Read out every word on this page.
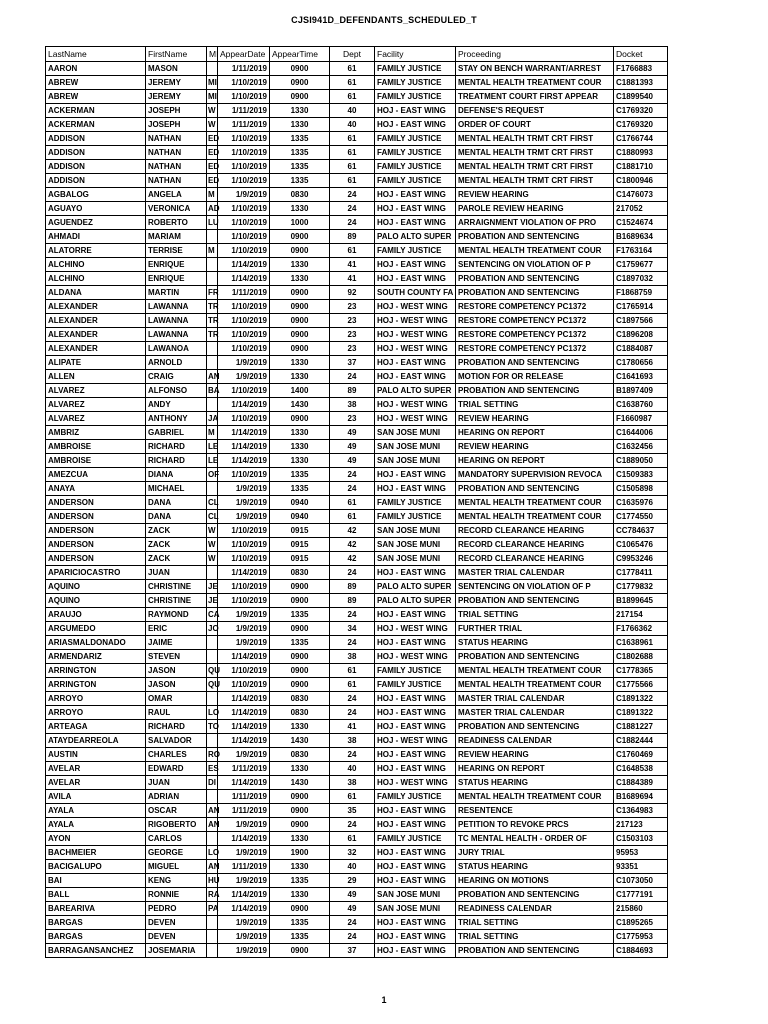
CJSI941D_DEFENDANTS_SCHEDULED_T
LastName	FirstName	MI	AppearDate	AppearTime	Dept	Facility	Proceeding	Docket
AARON	MASON		1/11/2019	0900	61	FAMILY JUSTICE	STAY ON BENCH WARRANT/ARREST	F1766883
ABREW	JEREMY	MI	1/10/2019	0900	61	FAMILY JUSTICE	MENTAL HEALTH TREATMENT COUR	C1881393
ABREW	JEREMY	MI	1/10/2019	0900	61	FAMILY JUSTICE	TREATMENT COURT FIRST APPEAR	C1899540
ACKERMAN	JOSEPH	W	1/11/2019	1330	40	HOJ - EAST WING	DEFENSE'S REQUEST	C1769320
ACKERMAN	JOSEPH	W	1/11/2019	1330	40	HOJ - EAST WING	ORDER OF COURT	C1769320
ADDISON	NATHAN	ED	1/10/2019	1335	61	FAMILY JUSTICE	MENTAL HEALTH TRMT CRT FIRST	C1766744
ADDISON	NATHAN	ED	1/10/2019	1335	61	FAMILY JUSTICE	MENTAL HEALTH TRMT CRT FIRST	C1880993
ADDISON	NATHAN	ED	1/10/2019	1335	61	FAMILY JUSTICE	MENTAL HEALTH TRMT CRT FIRST	C1881710
ADDISON	NATHAN	ED	1/10/2019	1335	61	FAMILY JUSTICE	MENTAL HEALTH TRMT CRT FIRST	C1800946
AGBALOG	ANGELA	M	1/9/2019	0830	24	HOJ - EAST WING	REVIEW HEARING	C1476073
AGUAYO	VERONICA	AD	1/10/2019	1330	24	HOJ - EAST WING	PAROLE REVIEW HEARING	217052
AGUENDEZ	ROBERTO	LU	1/10/2019	1000	24	HOJ - EAST WING	ARRAIGNMENT VIOLATION OF PRO	C1524674
AHMADI	MARIAM		1/10/2019	0900	89	PALO ALTO SUPER	PROBATION AND SENTENCING	B1689634
ALATORRE	TERRISE	M	1/10/2019	0900	61	FAMILY JUSTICE	MENTAL HEALTH TREATMENT COUR	F1763164
ALCHINO	ENRIQUE		1/14/2019	1330	41	HOJ - EAST WING	SENTENCING ON VIOLATION OF P	C1759677
ALCHINO	ENRIQUE		1/14/2019	1330	41	HOJ - EAST WING	PROBATION AND SENTENCING	C1897032
ALDANA	MARTIN	FR	1/11/2019	0900	92	SOUTH COUNTY FA	PROBATION AND SENTENCING	F1868759
ALEXANDER	LAWANNA	TR	1/10/2019	0900	23	HOJ - WEST WING	RESTORE COMPETENCY PC1372	C1765914
ALEXANDER	LAWANNA	TR	1/10/2019	0900	23	HOJ - WEST WING	RESTORE COMPETENCY PC1372	C1897566
ALEXANDER	LAWANNA	TR	1/10/2019	0900	23	HOJ - WEST WING	RESTORE COMPETENCY PC1372	C1896208
ALEXANDER	LAWANOA		1/10/2019	0900	23	HOJ - WEST WING	RESTORE COMPETENCY PC1372	C1884087
ALIPATE	ARNOLD		1/9/2019	1330	37	HOJ - EAST WING	PROBATION AND SENTENCING	C1780656
ALLEN	CRAIG	AN	1/9/2019	1330	24	HOJ - EAST WING	MOTION FOR OR RELEASE	C1641693
ALVAREZ	ALFONSO	BA	1/10/2019	1400	89	PALO ALTO SUPER	PROBATION AND SENTENCING	B1897409
ALVAREZ	ANDY		1/14/2019	1430	38	HOJ - WEST WING	TRIAL SETTING	C1638760
ALVAREZ	ANTHONY	JA	1/10/2019	0900	23	HOJ - WEST WING	REVIEW HEARING	F1660987
AMBRIZ	GABRIEL	M	1/14/2019	1330	49	SAN JOSE MUNI	HEARING ON REPORT	C1644006
AMBROISE	RICHARD	LE	1/14/2019	1330	49	SAN JOSE MUNI	REVIEW HEARING	C1632456
AMBROISE	RICHARD	LE	1/14/2019	1330	49	SAN JOSE MUNI	HEARING ON REPORT	C1889050
AMEZCUA	DIANA	OF	1/10/2019	1335	24	HOJ - EAST WING	MANDATORY SUPERVISION REVOCA	C1509383
ANAYA	MICHAEL		1/9/2019	1335	24	HOJ - EAST WING	PROBATION AND SENTENCING	C1505898
ANDERSON	DANA	CL	1/9/2019	0940	61	FAMILY JUSTICE	MENTAL HEALTH TREATMENT COUR	C1635976
ANDERSON	DANA	CL	1/9/2019	0940	61	FAMILY JUSTICE	MENTAL HEALTH TREATMENT COUR	C1774550
ANDERSON	ZACK	W	1/10/2019	0915	42	SAN JOSE MUNI	RECORD CLEARANCE HEARING	CC784637
ANDERSON	ZACK	W	1/10/2019	0915	42	SAN JOSE MUNI	RECORD CLEARANCE HEARING	C1065476
ANDERSON	ZACK	W	1/10/2019	0915	42	SAN JOSE MUNI	RECORD CLEARANCE HEARING	C9953246
APARICIOCASTRO	JUAN		1/14/2019	0830	24	HOJ - EAST WING	MASTER TRIAL CALENDAR	C1778411
AQUINO	CHRISTINE	JE	1/10/2019	0900	89	PALO ALTO SUPER	SENTENCING ON VIOLATION OF P	C1779832
AQUINO	CHRISTINE	JE	1/10/2019	0900	89	PALO ALTO SUPER	PROBATION AND SENTENCING	B1899645
ARAUJO	RAYMOND	CA	1/9/2019	1335	24	HOJ - EAST WING	TRIAL SETTING	217154
ARGUMEDO	ERIC	JO	1/9/2019	0900	34	HOJ - WEST WING	FURTHER TRIAL	F1766362
ARIASMALDONADO	JAIME		1/9/2019	1335	24	HOJ - EAST WING	STATUS HEARING	C1638961
ARMENDARIZ	STEVEN		1/14/2019	0900	38	HOJ - WEST WING	PROBATION AND SENTENCING	C1802688
ARRINGTON	JASON	QU	1/10/2019	0900	61	FAMILY JUSTICE	MENTAL HEALTH TREATMENT COUR	C1778365
ARRINGTON	JASON	QU	1/10/2019	0900	61	FAMILY JUSTICE	MENTAL HEALTH TREATMENT COUR	C1775566
ARROYO	OMAR		1/14/2019	0830	24	HOJ - EAST WING	MASTER TRIAL CALENDAR	C1891322
ARROYO	RAUL	LO	1/14/2019	0830	24	HOJ - EAST WING	MASTER TRIAL CALENDAR	C1891322
ARTEAGA	RICHARD	TO	1/14/2019	1330	41	HOJ - EAST WING	PROBATION AND SENTENCING	C1881227
ATAYDEARREOLA	SALVADOR		1/14/2019	1430	38	HOJ - WEST WING	READINESS CALENDAR	C1882444
AUSTIN	CHARLES	RO	1/9/2019	0830	24	HOJ - EAST WING	REVIEW HEARING	C1760469
AVELAR	EDWARD	ES	1/11/2019	1330	40	HOJ - EAST WING	HEARING ON REPORT	C1648538
AVELAR	JUAN	DI	1/14/2019	1430	38	HOJ - WEST WING	STATUS HEARING	C1884389
AVILA	ADRIAN		1/11/2019	0900	61	FAMILY JUSTICE	MENTAL HEALTH TREATMENT COUR	B1689694
AYALA	OSCAR	AN	1/11/2019	0900	35	HOJ - EAST WING	RESENTENCE	C1364983
AYALA	RIGOBERTO	AN	1/9/2019	0900	24	HOJ - EAST WING	PETITION TO REVOKE PRCS	217123
AYON	CARLOS		1/14/2019	1330	61	FAMILY JUSTICE	TC MENTAL HEALTH - ORDER OF	C1503103
BACHMEIER	GEORGE	LO	1/9/2019	1900	32	HOJ - EAST WING	JURY TRIAL	95953
BACIGALUPO	MIGUEL	AN	1/11/2019	1330	40	HOJ - EAST WING	STATUS HEARING	93351
BAI	KENG	HU	1/9/2019	1335	29	HOJ - EAST WING	HEARING ON MOTIONS	C1073050
BALL	RONNIE	RA	1/14/2019	1330	49	SAN JOSE MUNI	PROBATION AND SENTENCING	C1777191
BAREARIVA	PEDRO	PA	1/14/2019	0900	49	SAN JOSE MUNI	READINESS CALENDAR	215860
BARGAS	DEVEN		1/9/2019	1335	24	HOJ - EAST WING	TRIAL SETTING	C1895265
BARGAS	DEVEN		1/9/2019	1335	24	HOJ - EAST WING	TRIAL SETTING	C1775953
BARRAGANSANCHEZ	JOSEMARIA		1/9/2019	0900	37	HOJ - EAST WING	PROBATION AND SENTENCING	C1884693
1
